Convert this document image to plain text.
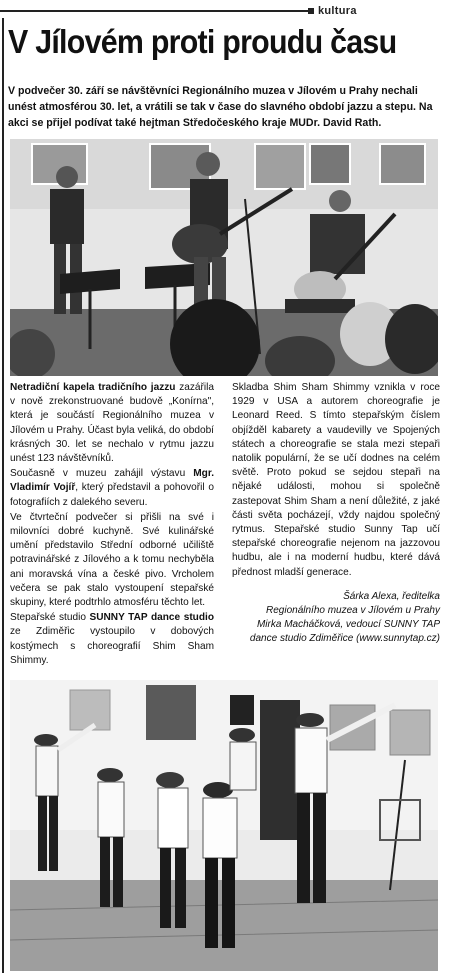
kultura
V Jílovém proti proudu času

V podvečer 30. září se návštěvníci Regionálního muzea v Jílovém u Prahy nechali unést atmosférou 30. let, a vrátili se tak v čase do slavného období jazzu a stepu. Na akci se přijel podívat také hejtman Středočeského kraje MUDr. David Rath.

Netradiční kapela tradičního jazzu zazářila v nově zrekonstruované budově „Konírna", která je součástí Regionálního muzea v Jílovém u Prahy. Účast byla veliká, do období krásných 30. let se nechalo v rytmu jazzu unést 123 návštěvníků.

Současně v muzeu zahájil výstavu Mgr. Vladimír Vojíř, který představil a pohovořil o fotografiích z dalekého severu.

Ve čtvrteční podvečer si přišli na své i milovníci dobré kuchyně. Své kulinářské umění představilo Střední odborné učiliště potravinářské z Jílového a k tomu nechyběla ani moravská vína a české pivo. Vrcholem večera se pak stalo vystoupení stepařské skupiny, které podtrhlo atmosféru těchto let.

Stepařské studio SUNNY TAP dance studio ze Zdiměřic vystoupilo v dobových kostýmech s choreografií Shim Sham Shimmy.

Skladba Shim Sham Shimmy vznikla v roce 1929 v USA a autorem choreografie je Leonard Reed. S tímto stepařským číslem objížděl kabarety a vaudevilly ve Spojených státech a choreografie se stala mezi stepaři natolik populární, že se učí dodnes na celém světě. Proto pokud se sejdou stepaři na nějaké události, mohou si společně zastepovat Shim Sham a není důležité, z jaké části světa pocházejí, vždy najdou společný rytmus. Stepařské studio Sunny Tap učí stepařské choreografie nejenom na jazzovou hudbu, ale i na moderní hudbu, které dává přednost mladší generace.

Šárka Alexa, ředitelka
Regionálního muzea v Jílovém u Prahy
Mirka Macháčková, vedoucí SUNNY TAP
dance studio Zdiměřice (www.sunnytap.cz)
